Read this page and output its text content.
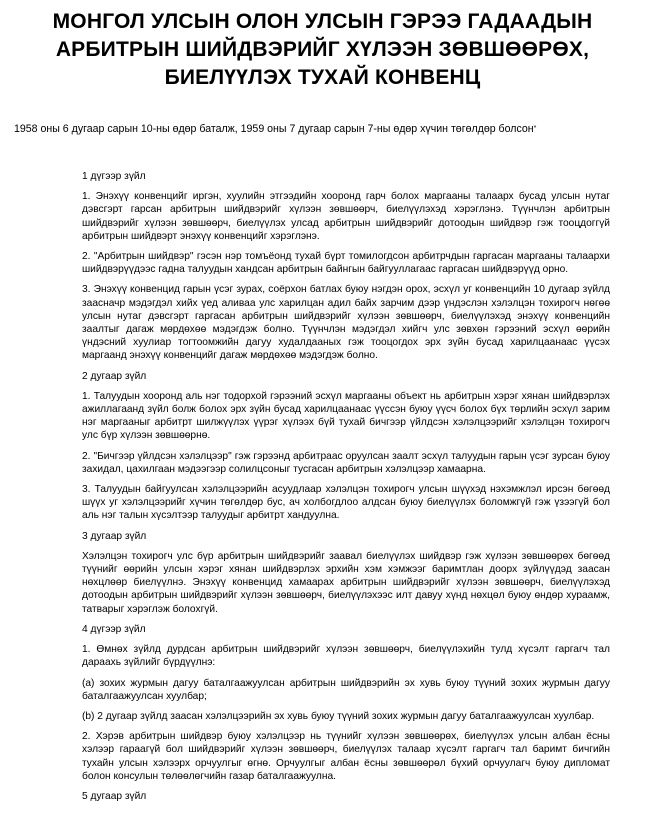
МОНГОЛ УЛСЫН ОЛОН УЛСЫН ГЭРЭЭ ГАДААДЫН АРБИТРЫН ШИЙДВЭРИЙГ ХҮЛЭЭН ЗӨВШӨӨРӨХ, БИЕЛҮҮЛЭХ ТУХАЙ КОНВЕНЦ
1958 оны 6 дугаар сарын 10-ны өдөр баталж, 1959 оны 7 дугаар сарын 7-ны өдөр хүчин төгөлдөр болсон*

1 дүгээр зүйл

1. Энэхүү конвенцийг иргэн, хуулийн этгээдийн хооронд гарч болох маргааны талаарх бусад улсын нутаг дэвсгэрт гарсан арбитрын шийдвэрийг хүлээн зөвшөөрч, биелүүлэхэд хэрэглэнэ. Түүнчлэн арбитрын шийдвэрийг хүлээн зөвшөөрч, биелүүлэх улсад арбитрын шийдвэрийг дотоодын шийдвэр гэж тооцдоггүй арбитрын шийдвэрт энэхүү конвенцийг хэрэглэнэ.

2. "Арбитрын шийдвэр" гэсэн нэр томъёонд тухай бүрт томилогдсон арбитрчдын гаргасан маргааны талаархи шийдвэрүүдээс гадна талуудын хандсан арбитрын байнгын байгууллагаас гаргасан шийдвэрүүд орно.

3. Энэхүү конвенцид гарын үсэг зурах, соёрхон батлах буюу нэгдэн орох, эсхүл уг конвенцийн 10 дугаар зүйлд заасначр мэдэгдэл хийх үед аливаа улс харилцан адил байх зарчим дээр үндэслэн хэлэлцэн тохирогч нөгөө улсын нутаг дэвсгэрт гаргасан арбитрын шийдвэрийг хүлээн зөвшөөрч, биелүүлэхэд энэхүү конвенцийн заалтыг дагаж мөрдөхөө мэдэгдэж болно. Түүнчлэн мэдэгдэл хийгч улс зөвхөн гэрээний эсхүл өөрийн үндэсний хуулиар тогтоомжийн дагуу худалдааных гэж тооцогдох эрх зүйн бусад харилцаанаас үүсэх маргаанд энэхүү конвенцийг дагаж мөрдөхөө мэдэгдэж болно.

2 дугаар зүйл

1. Талуудын хооронд аль нэг тодорхой гэрээний эсхүл маргааны объект нь арбитрын хэрэг хянан шийдвэрлэх ажиллагаанд зүйл болж болох эрх зүйн бусад харилцаанаас үүссэн буюу үүсч болох бүх төрлийн эсхүл зарим нэг маргааныг арбитрт шилжүүлэх үүрэг хүлээх бүй тухай бичгээр үйлдсэн хэлэлцээрийг хэлэлцэн тохирогч улс бүр хүлээн зөвшөөрнө.

2. "Бичгээр үйлдсэн хэлэлцээр" гэж гэрээнд арбитраас оруулсан заалт эсхүл талуудын гарын үсэг зурсан буюу захидал, цахилгаан мэдээгээр солилцсоныг тусгасан арбитрын хэлэлцээр хамаарна.

3. Талуудын байгуулсан хэлэлцээрийн асуудлаар хэлэлцэн тохирогч улсын шүүхэд нэхэмжлэл ирсэн бөгөөд шүүх уг хэлэлцээрийг хүчин төгөлдөр бус, ач холбогдлоо алдсан буюу биелүүлэх боломжгүй гэж үзээгүй бол аль нэг талын хүсэлтээр талуудыг арбитрт хандуулна.

3 дугаар зүйл

Хэлэлцэн тохирогч улс бүр арбитрын шийдвэрийг заавал биелүүлэх шийдвэр гэж хүлээн зөвшөөрөх бөгөөд түүнийг өөрийн улсын хэрэг хянан шийдвэрлэх эрхийн хэм хэмжээг баримтлан доорх зүйлүүдэд заасан нөхцлөөр биелүүлнэ. Энэхүү конвенцид хамаарах арбитрын шийдвэрийг хүлээн зөвшөөрч, биелүүлэхэд дотоодын арбитрын шийдвэрийг хүлээн зөвшөөрч, биелүүлэхээс илт давуу хүнд нөхцөл буюу өндөр хураамж, татварыг хэрэглэж болохгүй.

4 дүгээр зүйл

1. Өмнөх зүйлд дурдсан арбитрын шийдвэрийг хүлээн зөвшөөрч, биелүүлэхийн тулд хүсэлт гаргагч тал дараахь зүйлийг бүрдүүлнэ:

(а) зохих журмын дагуу баталгаажуулсан арбитрын шийдвэрийн эх хувь буюу түүний зохих журмын дагуу баталгаажуулсан хуулбар;

(b) 2 дугаар зүйлд заасан хэлэлцээрийн эх хувь буюу түүний зохих журмын дагуу баталгаажуулсан хуулбар.

2. Хэрэв арбитрын шийдвэр буюу хэлэлцээр нь түүнийг хүлээн зөвшөөрөх, биелүүлэх улсын албан ёсны хэлээр гараагүй бол шийдвэрийг хүлээн зөвшөөрч, биелүүлэх талаар хүсэлт гаргагч тал баримт бичгийн тухайн улсын хэлээрх орчуулгыг өгнө. Орчуулгыг албан ёсны зөвшөөрөл бүхий орчуулагч буюу дипломат болон консулын төлөөлөгчийн газар баталгаажуулна.

5 дугаар зүйл
